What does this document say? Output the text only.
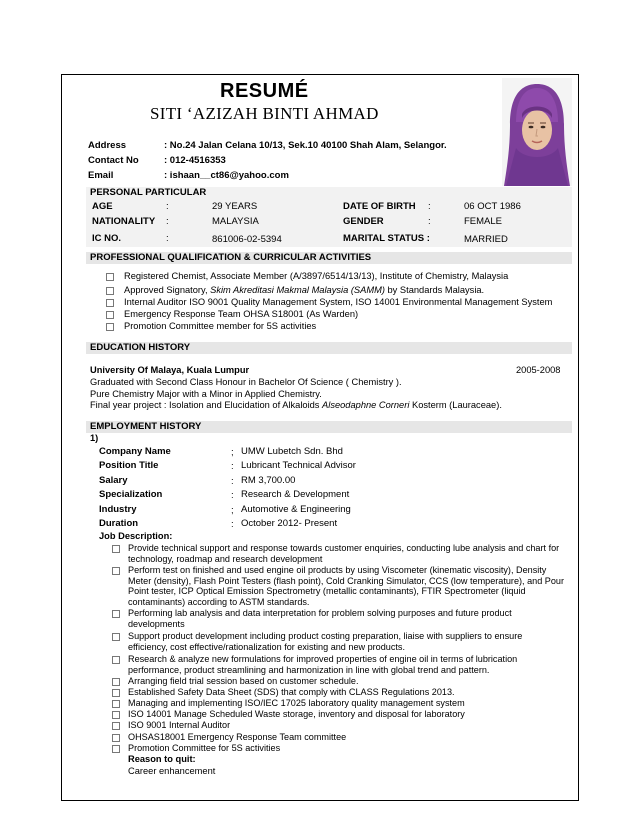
RESUMÉ
SITI ‘AZIZAH BINTI AHMAD
Address	: No.24 Jalan Celana 10/13, Sek.10 40100 Shah Alam, Selangor.
Contact No	: 012-4516353
Email	: ishaan__ct86@yahoo.com
PERSONAL PARTICULAR
AGE	:	29 YEARS	DATE OF BIRTH :	06 OCT 1986
NATIONALITY :	MALAYSIA	GENDER	:	FEMALE
IC NO.	:	861006-02-5394	MARITAL STATUS :	MARRIED
PROFESSIONAL QUALIFICATION & CURRICULAR ACTIVITIES
Registered Chemist, Associate Member (A/3897/6514/13/13), Institute of Chemistry, Malaysia
Approved Signatory, Skim Akreditasi Makmal Malaysia (SAMM) by Standards Malaysia.
Internal Auditor ISO 9001 Quality Management System, ISO 14001 Environmental Management System
Emergency Response Team OHSA S18001 (As Warden)
Promotion Committee member for 5S activities
EDUCATION HISTORY
University Of Malaya, Kuala Lumpur	2005-2008
Graduated with Second Class Honour in Bachelor Of Science ( Chemistry ).
Pure Chemistry Major with a Minor in Applied Chemistry.
Final year project : Isolation and Elucidation of Alkaloids Alseodaphne Corneri Kosterm (Lauraceae).
EMPLOYMENT HISTORY
1)
Company Name	; UMW Lubetch Sdn. Bhd
Position Title	: Lubricant Technical Advisor
Salary	: RM 3,700.00
Specialization	: Research & Development
Industry	; Automotive & Engineering
Duration	: October 2012- Present
Job Description:
Provide technical support and response towards customer enquiries, conducting lube analysis and chart for technology, roadmap and research development
Perform test on finished and used engine oil products by using Viscometer (kinematic viscosity), Density Meter (density), Flash Point Testers (flash point), Cold Cranking Simulator, CCS (low temperature), and Pour Point tester, ICP Optical Emission Spectrometry (metallic contaminants), FTIR Spectrometer (liquid contaminants) according to ASTM standards.
Performing lab analysis and data interpretation for problem solving purposes and future product developments
Support product development including product costing preparation, liaise with suppliers to ensure efficiency, cost effective/rationalization for existing and new products.
Research & analyze new formulations for improved properties of engine oil in terms of lubrication performance, product streamlining and harmonization in line with global trend and pattern.
Arranging field trial session based on customer schedule.
Established Safety Data Sheet (SDS) that comply with CLASS Regulations 2013.
Managing and implementing ISO/IEC 17025 laboratory quality management system
ISO 14001 Manage Scheduled Waste storage, inventory and disposal for laboratory
ISO 9001 Internal Auditor
OHSAS18001 Emergency Response Team committee
Promotion Committee for 5S activities
Reason to quit:
Career enhancement
